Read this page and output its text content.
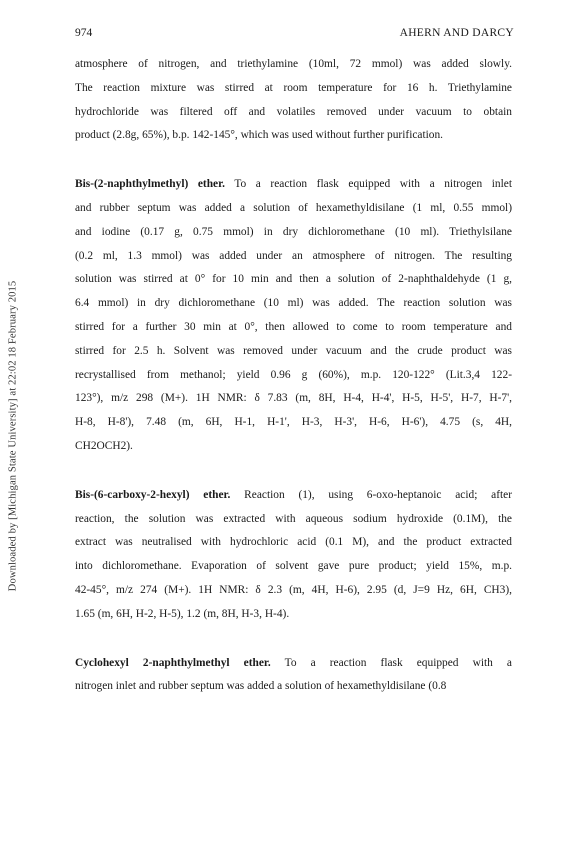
Downloaded by [Michigan State University] at 22:02 18 February 2015
974	AHERN AND DARCY

atmosphere of nitrogen, and triethylamine (10ml, 72 mmol) was added slowly.
The reaction mixture was stirred at room temperature for 16 h. Triethylamine
hydrochloride was filtered off and volatiles removed under vacuum to obtain
product (2.8g, 65%), b.p. 142-145°, which was used without further purification.

Bis-(2-naphthylmethyl) ether. To a reaction flask equipped with a nitrogen inlet
and rubber septum was added a solution of hexamethyldisilane (1 ml, 0.55 mmol)
and iodine (0.17 g, 0.75 mmol) in dry dichloromethane (10 ml). Triethylsilane
(0.2 ml, 1.3 mmol) was added under an atmosphere of nitrogen. The resulting
solution was stirred at 0° for 10 min and then a solution of 2-naphthaldehyde (1 g,
6.4 mmol) in dry dichloromethane (10 ml) was added. The reaction solution was
stirred for a further 30 min at 0°, then allowed to come to room temperature and
stirred for 2.5 h. Solvent was removed under vacuum and the crude product was
recrystallised from methanol; yield 0.96 g (60%), m.p. 120-122° (Lit.3,4 122-
123°), m/z 298 (M+). 1H NMR: δ 7.83 (m, 8H, H-4, H-4', H-5, H-5', H-7, H-7',
H-8, H-8'), 7.48 (m, 6H, H-1, H-1', H-3, H-3', H-6, H-6'), 4.75 (s, 4H,
CH2OCH2).

Bis-(6-carboxy-2-hexyl) ether. Reaction (1), using 6-oxo-heptanoic acid; after
reaction, the solution was extracted with aqueous sodium hydroxide (0.1M), the
extract was neutralised with hydrochloric acid (0.1 M), and the product extracted
into dichloromethane. Evaporation of solvent gave pure product; yield 15%, m.p.
42-45°, m/z 274 (M+). 1H NMR: δ 2.3 (m, 4H, H-6), 2.95 (d, J=9 Hz, 6H, CH3),
1.65 (m, 6H, H-2, H-5), 1.2 (m, 8H, H-3, H-4).

Cyclohexyl 2-naphthylmethyl ether. To a reaction flask equipped with a
nitrogen inlet and rubber septum was added a solution of hexamethyldisilane (0.8
